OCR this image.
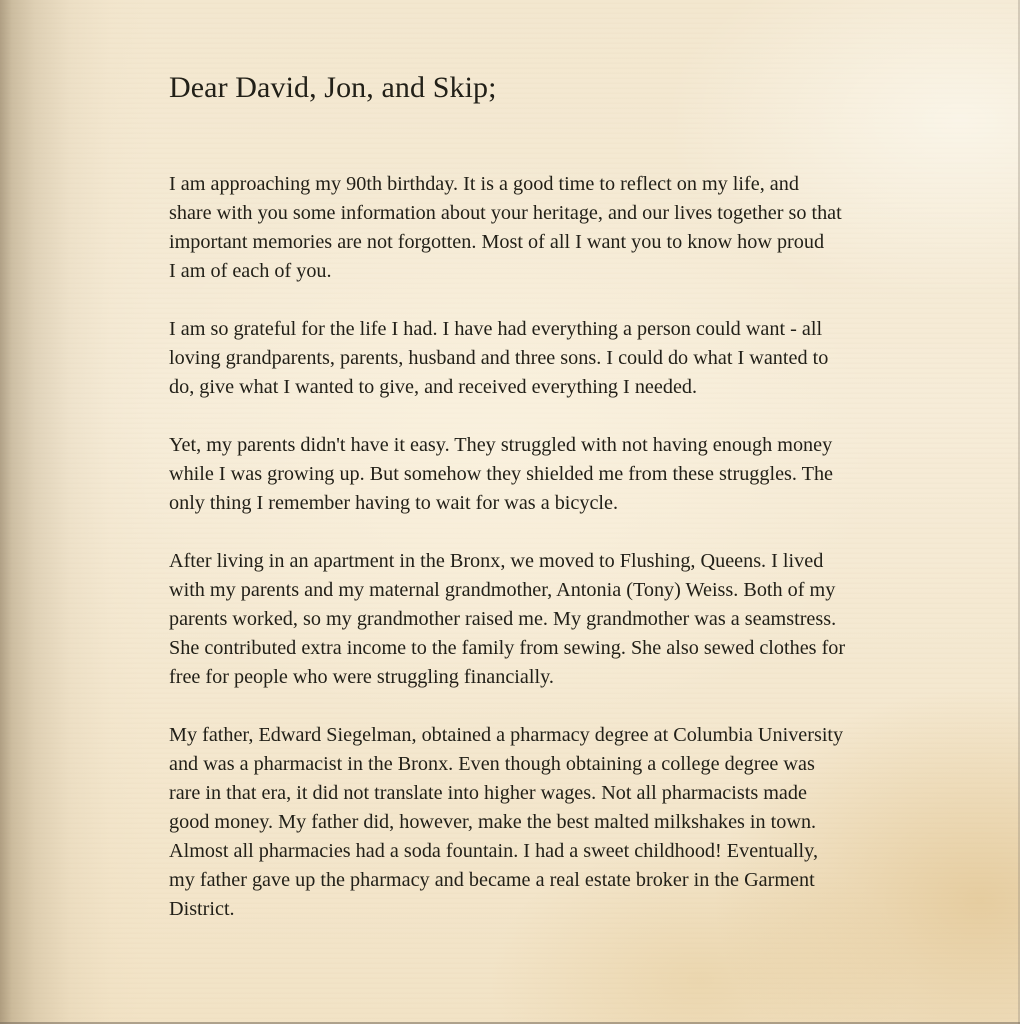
Dear David, Jon, and Skip;

I am approaching my 90th birthday. It is a good time to reflect on my life, and
share with you some information about your heritage, and our lives together so that
important memories are not forgotten. Most of all I want you to know how proud
I am of each of you.

I am so grateful for the life I had. I have had everything a person could want - all
loving grandparents, parents, husband and three sons. I could do what I wanted to
do, give what I wanted to give, and received everything I needed.

Yet, my parents didn't have it easy. They struggled with not having enough money
while I was growing up. But somehow they shielded me from these struggles. The
only thing I remember having to wait for was a bicycle.

After living in an apartment in the Bronx, we moved to Flushing, Queens. I lived
with my parents and my maternal grandmother, Antonia (Tony) Weiss. Both of my
parents worked, so my grandmother raised me. My grandmother was a seamstress.
She contributed extra income to the family from sewing. She also sewed clothes for
free for people who were struggling financially.

My father, Edward Siegelman, obtained a pharmacy degree at Columbia University
and was a pharmacist in the Bronx. Even though obtaining a college degree was
rare in that era, it did not translate into higher wages. Not all pharmacists made
good money. My father did, however, make the best malted milkshakes in town.
Almost all pharmacies had a soda fountain. I had a sweet childhood! Eventually,
my father gave up the pharmacy and became a real estate broker in the Garment
District.
